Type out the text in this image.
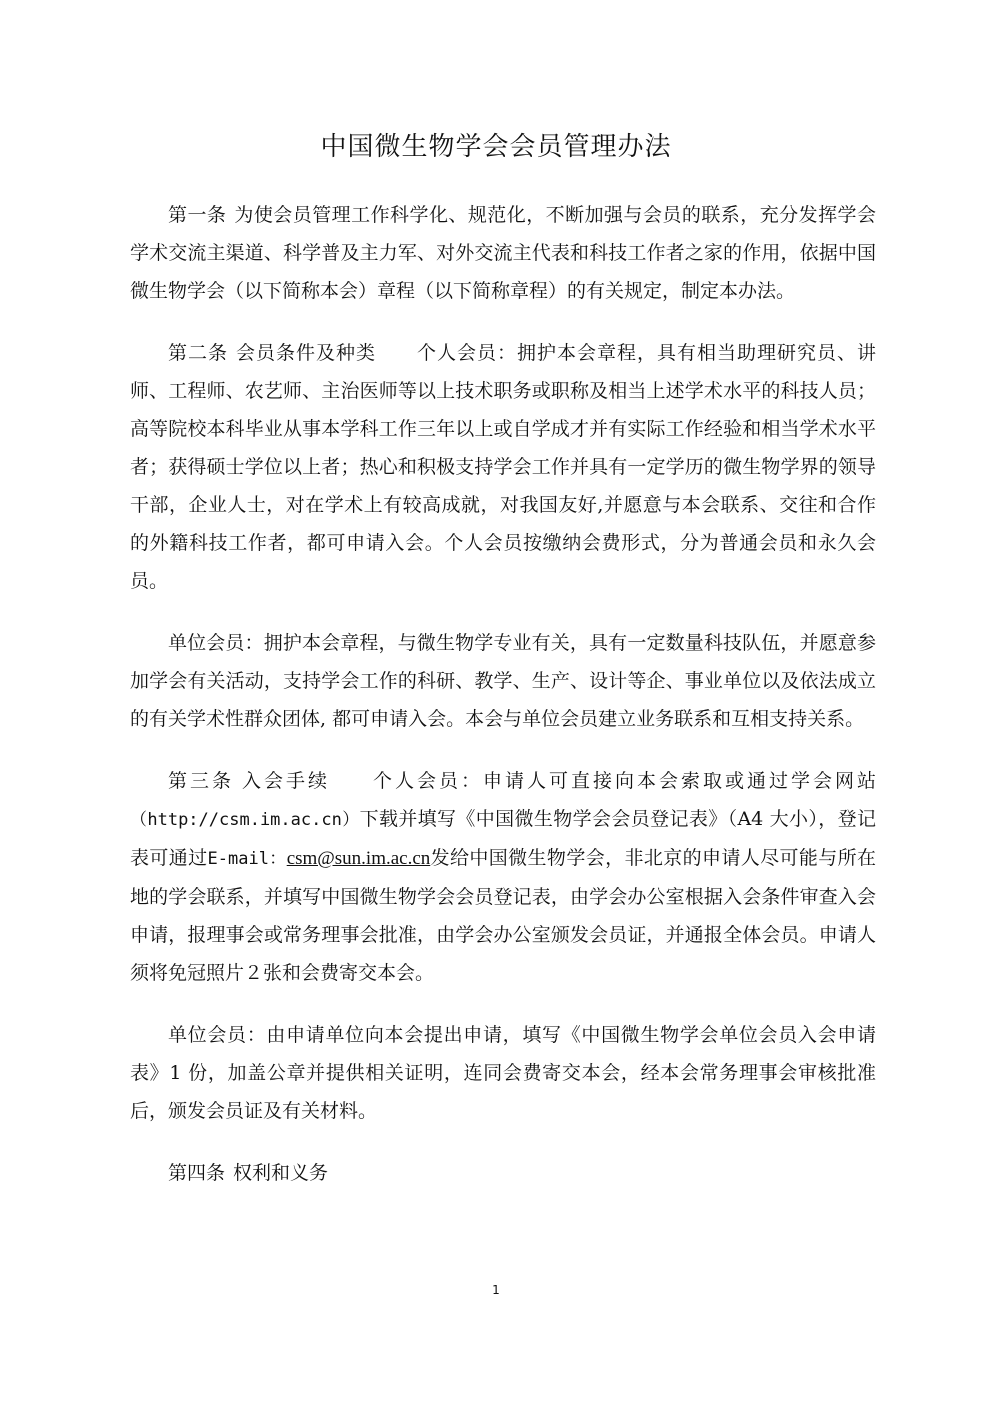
中国微生物学会会员管理办法

第一条 为使会员管理工作科学化、规范化，不断加强与会员的联系，充分发挥学会学术交流主渠道、科学普及主力军、对外交流主代表和科技工作者之家的作用，依据中国微生物学会（以下简称本会）章程（以下简称章程）的有关规定，制定本办法。

第二条 会员条件及种类 个人会员：拥护本会章程，具有相当助理研究员、讲师、工程师、农艺师、主治医师等以上技术职务或职称及相当上述学术水平的科技人员；高等院校本科毕业从事本学科工作三年以上或自学成才并有实际工作经验和相当学术水平者；获得硕士学位以上者；热心和积极支持学会工作并具有一定学历的微生物学界的领导干部，企业人士，对在学术上有较高成就，对我国友好,并愿意与本会联系、交往和合作的外籍科技工作者，都可申请入会。个人会员按缴纳会费形式，分为普通会员和永久会员。

单位会员：拥护本会章程，与微生物学专业有关，具有一定数量科技队伍，并愿意参加学会有关活动，支持学会工作的科研、教学、生产、设计等企、事业单位以及依法成立的有关学术性群众团体, 都可申请入会。本会与单位会员建立业务联系和互相支持关系。

第三条 入会手续 个人会员：申请人可直接向本会索取或通过学会网站（http://csm.im.ac.cn）下载并填写《中国微生物学会会员登记表》（A4 大小），登记表可通过E-mail：csm@sun.im.ac.cn发给中国微生物学会，非北京的申请人尽可能与所在地的学会联系，并填写中国微生物学会会员登记表，由学会办公室根据入会条件审查入会申请，报理事会或常务理事会批准，由学会办公室颁发会员证，并通报全体会员。申请人须将免冠照片２张和会费寄交本会。

单位会员：由申请单位向本会提出申请，填写《中国微生物学会单位会员入会申请表》1 份，加盖公章并提供相关证明，连同会费寄交本会，经本会常务理事会审核批准后，颁发会员证及有关材料。

第四条 权利和义务

1
